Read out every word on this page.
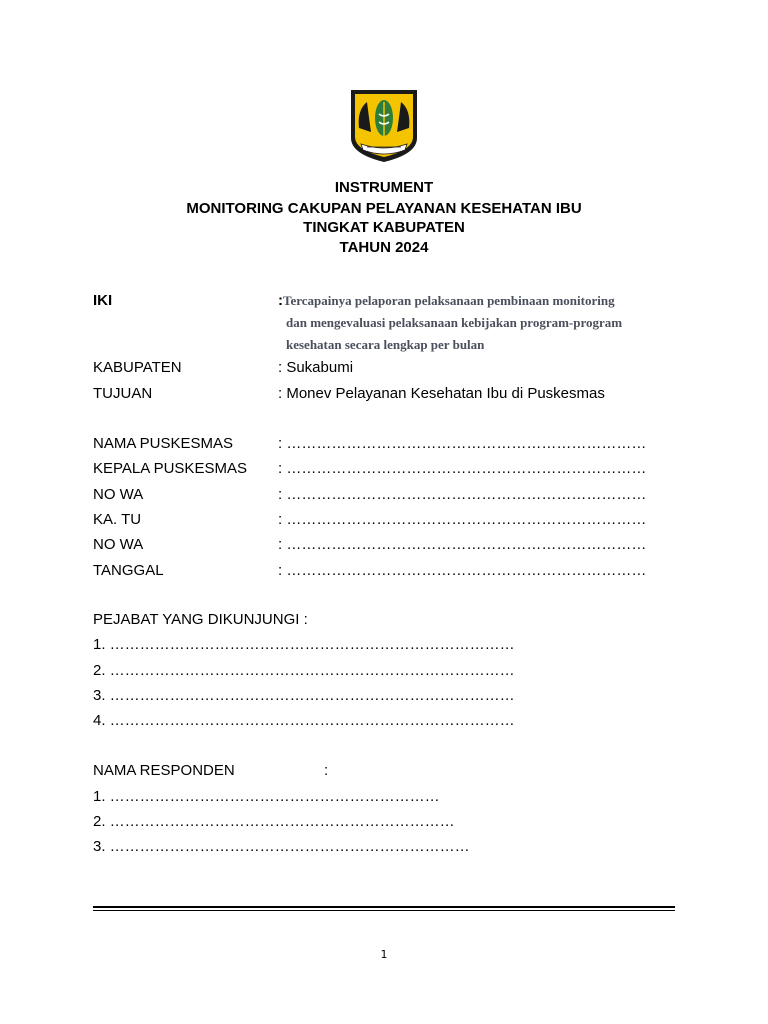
INSTRUMENT
MONITORING CAKUPAN PELAYANAN KESEHATAN IBU
TINGKAT KABUPATEN
TAHUN 2024
IKI	:Tercapainya pelaporan pelaksanaan pembinaan monitoring
dan mengevaluasi pelaksanaan kebijakan program-program
kesehatan secara lengkap per bulan
KABUPATEN	: Sukabumi
TUJUAN	: Monev Pelayanan Kesehatan Ibu di Puskesmas
NAMA PUSKESMAS	: ………………………………………………………………
KEPALA PUSKESMAS : ………………………………………………………………
NO WA	: ………………………………………………………………
KA. TU	: ………………………………………………………………
NO WA	: ………………………………………………………………
TANGGAL	: ………………………………………………………………
PEJABAT YANG DIKUNJUNGI :
1. ………………………………………………………………………
2. ………………………………………………………………………
3. ………………………………………………………………………
4. ………………………………………………………………………
NAMA RESPONDEN	:
1. …………………………………………………………
2. ……………………………………………………………
3. ………………………………………………………………
1
